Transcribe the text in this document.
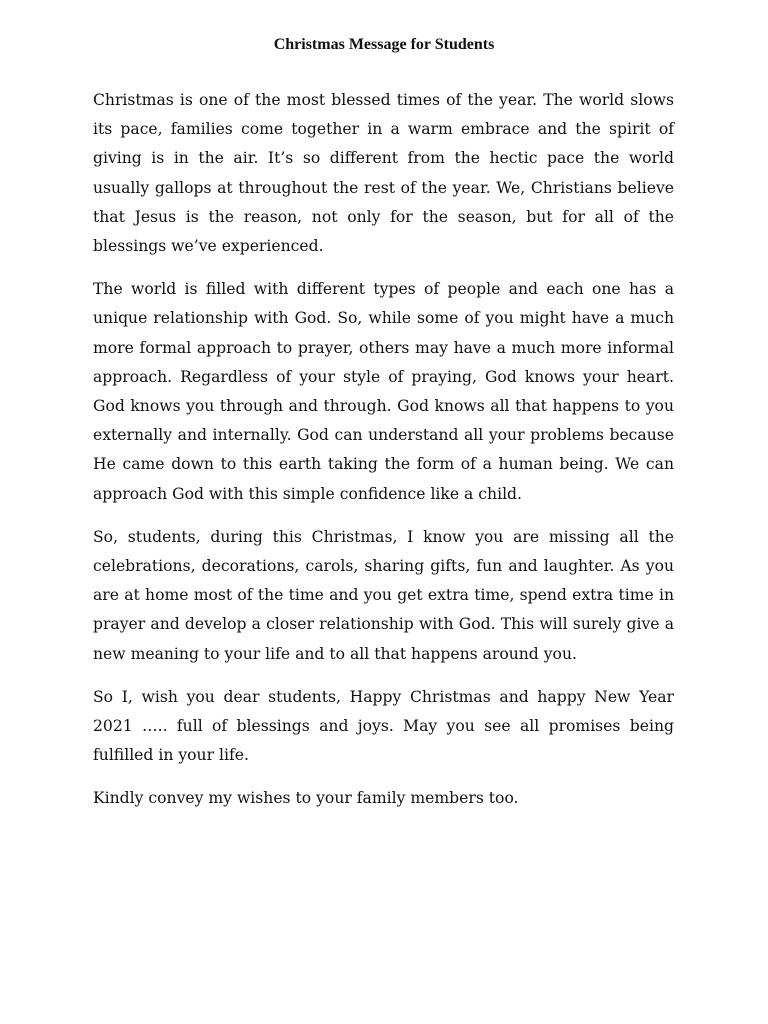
Christmas Message for Students

Christmas is one of the most blessed times of the year. The world slows its pace, families come together in a warm embrace and the spirit of giving is in the air. It’s so different from the hectic pace the world usually gallops at throughout the rest of the year. We, Christians believe that Jesus is the reason, not only for the season, but for all of the blessings we’ve experienced.

The world is filled with different types of people and each one has a unique relationship with God. So, while some of you might have a much more formal approach to prayer, others may have a much more informal approach. Regardless of your style of praying, God knows your heart. God knows you through and through. God knows all that happens to you externally and internally. God can understand all your problems because He came down to this earth taking the form of a human being. We can approach God with this simple confidence like a child.

So, students, during this Christmas, I know you are missing all the celebrations, decorations, carols, sharing gifts, fun and laughter. As you are at home most of the time and you get extra time, spend extra time in prayer and develop a closer relationship with God. This will surely give a new meaning to your life and to all that happens around you.

So I, wish you dear students, Happy Christmas and happy New Year 2021 ….. full of blessings and joys. May you see all promises being fulfilled in your life.

Kindly convey my wishes to your family members too.
